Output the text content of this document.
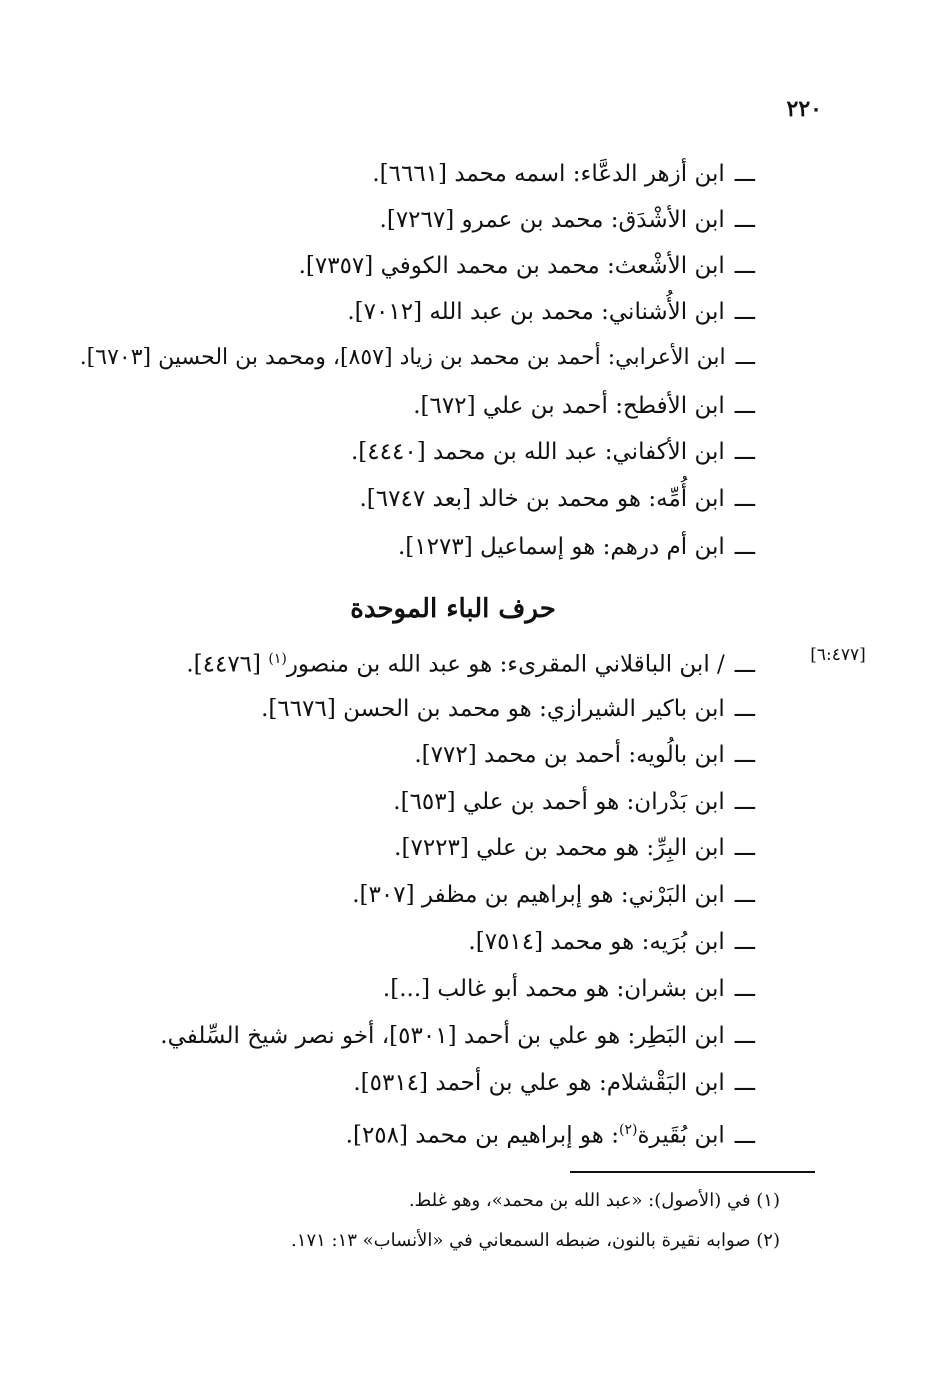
٢٢٠
ـــابن أزهر الدعَّاء: اسمه محمد [٦٦٦١].
ـــابن الأشْدَق: محمد بن عمرو [٧٢٦٧].
ـــابن الأشْعث: محمد بن محمد الكوفي [٧٣٥٧].
ـــابن الأُشناني: محمد بن عبد الله [٧٠١٢].
ـــابن الأعرابي: أحمد بن محمد بن زياد [٨٥٧]، ومحمد بن الحسين [٦٧٠٣].
ـــابن الأفطح: أحمد بن علي [٦٧٢].
ـــابن الأكفاني: عبد الله بن محمد [٤٤٤٠].
ـــابن أُمِّه: هو محمد بن خالد [بعد ٦٧٤٧].
ـــابن أم درهم: هو إسماعيل [١٢٧٣].
حرف الباء الموحدة
[٦:٤٧٧]
ـــ/ ابن الباقلاني المقرىء: هو عبد الله بن منصور$^{(١)}$ [٤٤٧٦].
ـــابن باكير الشيرازي: هو محمد بن الحسن [٦٦٧٦].
ـــابن بالُويه: أحمد بن محمد [٧٧٢].
ـــابن بَدْران: هو أحمد بن علي [٦٥٣].
ـــابن البِرِّ: هو محمد بن علي [٧٢٢٣].
ـــابن البَرْني: هو إبراهيم بن مظفر [٣٠٧].
ـــابن بُرَيه: هو محمد [٧٥١٤].
ـــابن بشران: هو محمد أبو غالب [...].
ـــابن البَطِر: هو علي بن أحمد [٥٣٠١]، أخو نصر شيخ السِّلفي.
ـــابن البَقْشلام: هو علي بن أحمد [٥٣١٤].
ـــابن بُقَيرة$^{(٢)}$: هو إبراهيم بن محمد [٢٥٨].
(١) في (الأصول): «عبد الله بن محمد»، وهو غلط.
(٢) صوابه نقيرة بالنون، ضبطه السمعاني في «الأنساب» ١٣: ١٧١.
